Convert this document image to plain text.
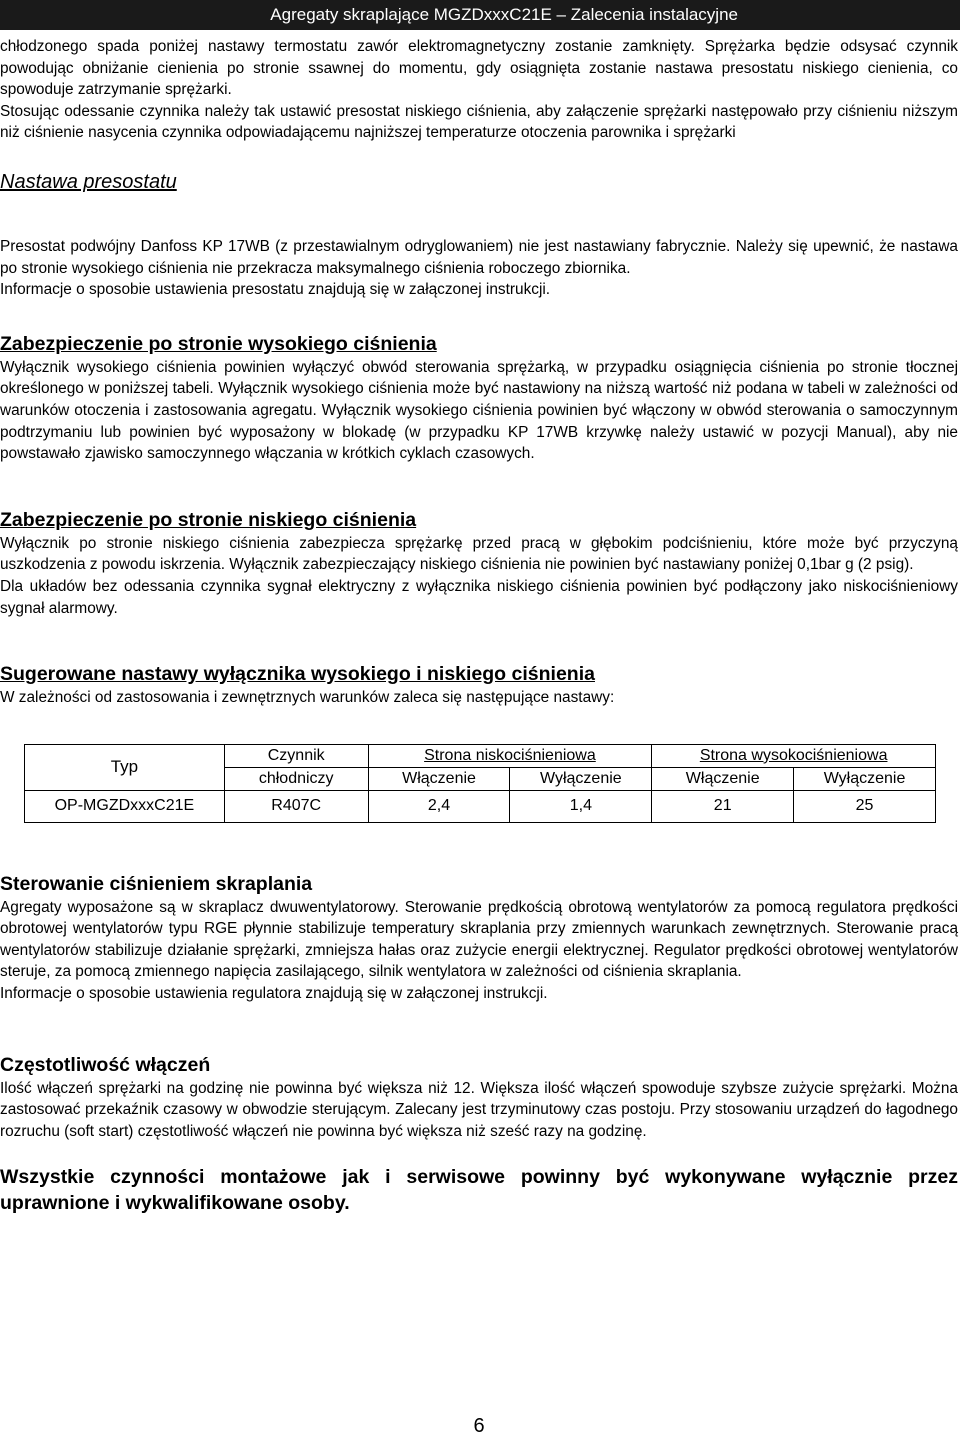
Agregaty skraplające MGZDxxxC21E – Zalecenia instalacyjne

chłodzonego spada poniżej nastawy termostatu zawór elektromagnetyczny zostanie zamknięty. Sprężarka będzie odsysać czynnik powodując obniżanie cienienia po stronie ssawnej do momentu, gdy osiągnięta zostanie nastawa presostatu niskiego cienienia, co spowoduje zatrzymanie sprężarki.

Stosując odessanie czynnika należy tak ustawić presostat niskiego ciśnienia, aby załączenie sprężarki następowało przy ciśnieniu niższym niż ciśnienie nasycenia czynnika odpowiadającemu najniższej temperaturze otoczenia parownika i sprężarki

Nastawa presostatu

Presostat podwójny Danfoss KP 17WB (z przestawialnym odryglowaniem) nie jest nastawiany fabrycznie. Należy się upewnić, że nastawa po stronie wysokiego ciśnienia nie przekracza maksymalnego ciśnienia roboczego zbiornika.

Informacje o sposobie ustawienia presostatu znajdują się w załączonej instrukcji.

Zabezpieczenie po stronie wysokiego ciśnienia

Wyłącznik wysokiego ciśnienia powinien wyłączyć obwód sterowania sprężarką, w przypadku osiągnięcia ciśnienia po stronie tłocznej określonego w poniższej tabeli. Wyłącznik wysokiego ciśnienia może być nastawiony na niższą wartość niż podana w tabeli w zależności od warunków otoczenia i zastosowania agregatu. Wyłącznik wysokiego ciśnienia powinien być włączony w obwód sterowania o samoczynnym podtrzymaniu lub powinien być wyposażony w blokadę (w przypadku KP 17WB krzywkę należy ustawić w pozycji Manual), aby nie powstawało zjawisko samoczynnego włączania w krótkich cyklach czasowych.

Zabezpieczenie po stronie niskiego ciśnienia

Wyłącznik po stronie niskiego ciśnienia zabezpiecza sprężarkę przed pracą w głębokim podciśnieniu, które może być przyczyną uszkodzenia z powodu iskrzenia. Wyłącznik zabezpieczający niskiego ciśnienia nie powinien być nastawiany poniżej 0,1bar g (2 psig).

Dla układów bez odessania czynnika sygnał elektryczny z wyłącznika niskiego ciśnienia powinien być podłączony jako niskociśnieniowy sygnał alarmowy.

Sugerowane nastawy wyłącznika wysokiego i niskiego ciśnienia

W zależności od zastosowania i zewnętrznych warunków zaleca się następujące nastawy:

Typ	Czynnik	Strona niskociśnieniowa		Strona wysokociśnieniowa	
	chłodniczy	Włączenie	Wyłączenie	Włączenie	Wyłączenie
OP-MGZDxxxC21E	R407C	2,4	1,4	21	25
Sterowanie ciśnieniem skraplania

Agregaty wyposażone są w skraplacz dwuwentylatorowy. Sterowanie prędkością obrotową wentylatorów za pomocą regulatora prędkości obrotowej wentylatorów typu RGE płynnie stabilizuje temperatury skraplania przy zmiennych warunkach zewnętrznych. Sterowanie pracą wentylatorów stabilizuje działanie sprężarki, zmniejsza hałas oraz zużycie energii elektrycznej. Regulator prędkości obrotowej wentylatorów steruje, za pomocą zmiennego napięcia zasilającego, silnik wentylatora w zależności od ciśnienia skraplania.

Informacje o sposobie ustawienia regulatora znajdują się w załączonej instrukcji.

Częstotliwość włączeń

Ilość włączeń sprężarki na godzinę nie powinna być większa niż 12. Większa ilość włączeń spowoduje szybsze zużycie sprężarki. Można zastosować przekaźnik czasowy w obwodzie sterującym. Zalecany jest trzyminutowy czas postoju. Przy stosowaniu urządzeń do łagodnego rozruchu (soft start) częstotliwość włączeń nie powinna być większa niż sześć razy na godzinę.

Wszystkie czynności montażowe jak i serwisowe powinny być wykonywane wyłącznie przez uprawnione i wykwalifikowane osoby.

6
